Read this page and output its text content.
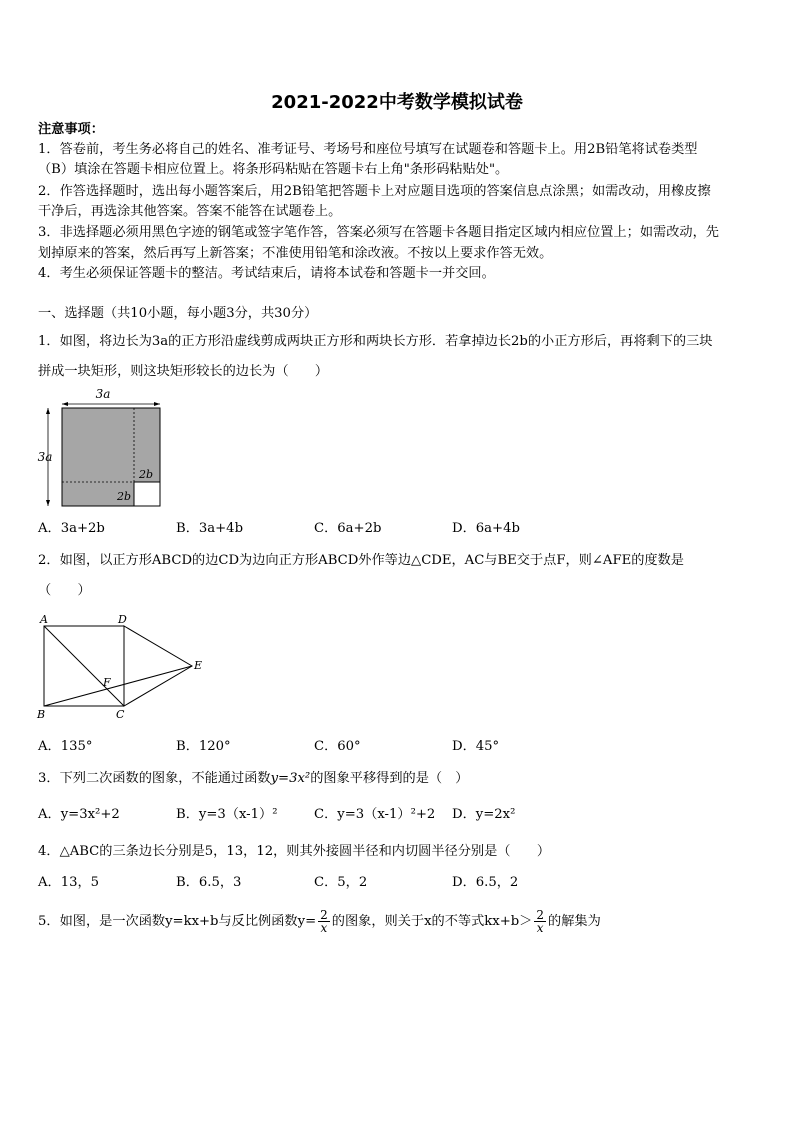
2021-2022中考数学模拟试卷
注意事项：
1．答卷前，考生务必将自己的姓名、准考证号、考场号和座位号填写在试题卷和答题卡上。用2B铅笔将试卷类型
（B）填涂在答题卡相应位置上。将条形码粘贴在答题卡右上角"条形码粘贴处"。
2．作答选择题时，选出每小题答案后，用2B铅笔把答题卡上对应题目选项的答案信息点涂黑；如需改动，用橡皮擦
干净后，再选涂其他答案。答案不能答在试题卷上。
3．非选择题必须用黑色字迹的钢笔或签字笔作答，答案必须写在答题卡各题目指定区域内相应位置上；如需改动，先
划掉原来的答案，然后再写上新答案；不准使用铅笔和涂改液。不按以上要求作答无效。
4．考生必须保证答题卡的整洁。考试结束后，请将本试卷和答题卡一并交回。
一、选择题（共10小题，每小题3分，共30分）
1．如图，将边长为3a的正方形沿虚线剪成两块正方形和两块长方形．若拿掉边长2b的小正方形后，再将剩下的三块
拼成一块矩形，则这块矩形较长的边长为（　　）
3a
3a
2b
2b
A．3a+2b	B．3a+4b	C．6a+2b	D．6a+4b
2．如图，以正方形ABCD的边CD为边向正方形ABCD外作等边△CDE，AC与BE交于点F，则∠AFE的度数是
（　　）
A	D
E
F
B	C
A．135°	B．120°	C．60°	D．45°
3．下列二次函数的图象，不能通过函数y=3x²的图象平移得到的是（　）
A．y=3x²+2	B．y=3（x-1）²	C．y=3（x-1）²+2 D．y=2x²
4．△ABC的三条边长分别是5，13，12，则其外接圆半径和内切圆半径分别是（　　）
A．13，5	B．6.5，3	C．5，2	D．6.5，2
5．如图，是一次函数y=kx+b与反比例函数$y= \frac{2}{x}$ 的图象，则关于x的不等式$kx+b> \frac{2}{x}$ 的解集为
